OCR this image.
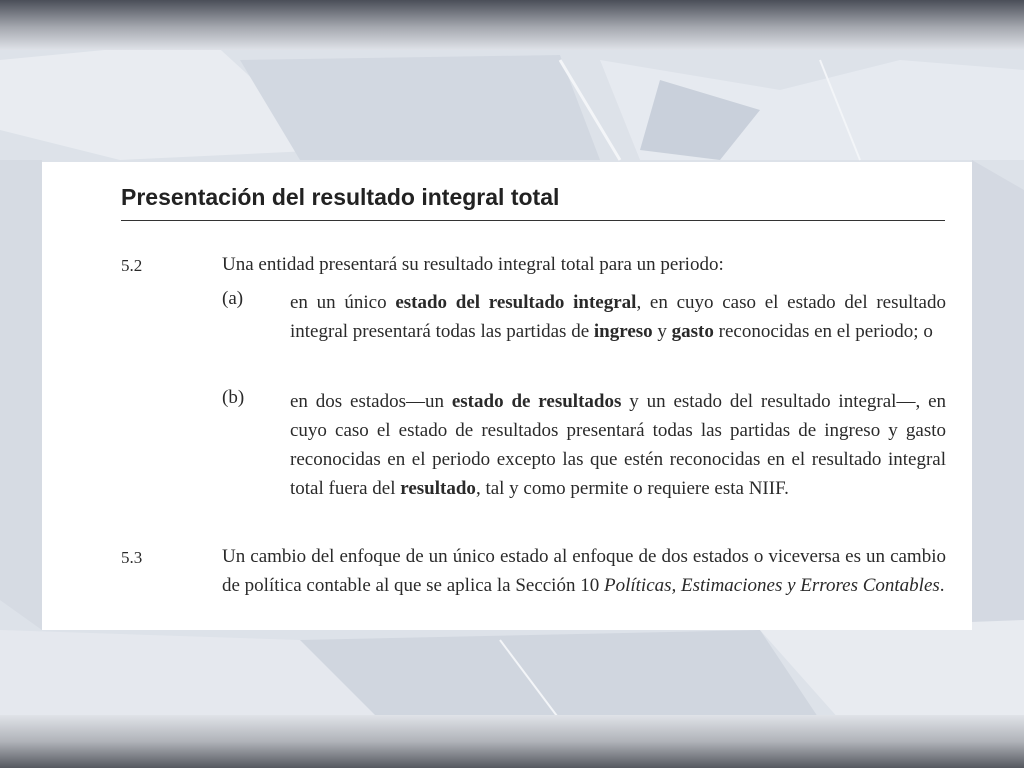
Presentación del resultado integral total
5.2	Una entidad presentará su resultado integral total para un periodo:
(a) en un único estado del resultado integral, en cuyo caso el estado del resultado integral presentará todas las partidas de ingreso y gasto reconocidas en el periodo; o
(b) en dos estados—un estado de resultados y un estado del resultado integral—, en cuyo caso el estado de resultados presentará todas las partidas de ingreso y gasto reconocidas en el periodo excepto las que estén reconocidas en el resultado integral total fuera del resultado, tal y como permite o requiere esta NIIF.
5.3	Un cambio del enfoque de un único estado al enfoque de dos estados o viceversa es un cambio de política contable al que se aplica la Sección 10 Políticas, Estimaciones y Errores Contables.
